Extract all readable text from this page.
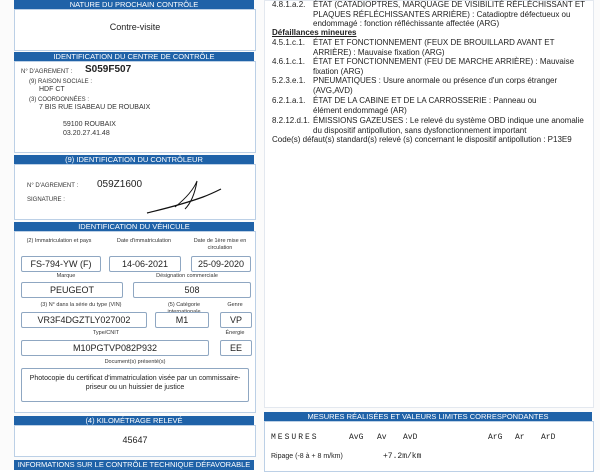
NATURE DU PROCHAIN CONTRÔLE
Contre-visite
IDENTIFICATION DU CENTRE DE CONTRÔLE
N° D'AGREMENT : S059F507
(9) RAISON SOCIALE :
HDF CT
(3) COORDONNÉES :
7 BIS RUE ISABEAU DE ROUBAIX
59100 ROUBAIX
03.20.27.41.48
(9) IDENTIFICATION DU CONTRÔLEUR
N° D'AGREMENT : 059Z1600
SIGNATURE :
IDENTIFICATION DU VÉHICULE
(2) Immatriculation et pays	Date d'immatriculation	Date de 1ère mise en circulation
FS-794-YW (F)	14-06-2021	25-09-2020
Marque	Désignation commerciale
PEUGEOT	508
(3) N° dans la série du type (VIN)	(5) Catégorie	Genre
VR3F4DGZTLY027002	M1	VP
Type/CNIT	Énergie
M10PGTVP082P932	EE
Document(s) présenté(s)
Photocopie du certificat d'immatriculation visée par un commissaire-priseur ou un huissier de justice
(4) KILOMÉTRAGE RELEVÉ
45647
INFORMATIONS SUR LE CONTRÔLE TECHNIQUE DÉFAVORABLE
4.8.1.a.2. ÉTAT (CATADIOPTRES, MARQUAGE DE VISIBILITÉ RÉFLÉCHISSANT ET PLAQUES RÉFLÉCHISSANTES ARRIÈRE) : Catadioptre défectueux ou endommagé : fonction réfléchissante affectée (ARG)
Défaillances mineures
4.5.1.c.1.	ÉTAT ET FONCTIONNEMENT (FEUX DE BROUILLARD AVANT ET ARRIÈRE) : Mauvaise fixation (ARG)
4.6.1.c.1.	ÉTAT ET FONCTIONNEMENT (FEU DE MARCHE ARRIÈRE) : Mauvaise fixation (ARG)
5.2.3.e.1. PNEUMATIQUES : Usure anormale ou présence d'un corps étranger (AVG,AVD)
6.2.1.a.1. ÉTAT DE LA CABINE ET DE LA CARROSSERIE : Panneau ou élément endommagé (AR)
8.2.12.d.1. ÉMISSIONS GAZEUSES : Le relevé du système OBD indique une anomalie du dispositif antipollution, sans dysfonctionnement important
Code(s) défaut(s) standard(s) relevé (s) concernant le dispositif antipollution : P13E9
MESURES RÉALISÉES ET VALEURS LIMITES CORRESPONDANTES
MESURES	AvG Av AvD	ArG Ar ArD
Ripage (-8 à + 8 m/km)	+7.2m/km
